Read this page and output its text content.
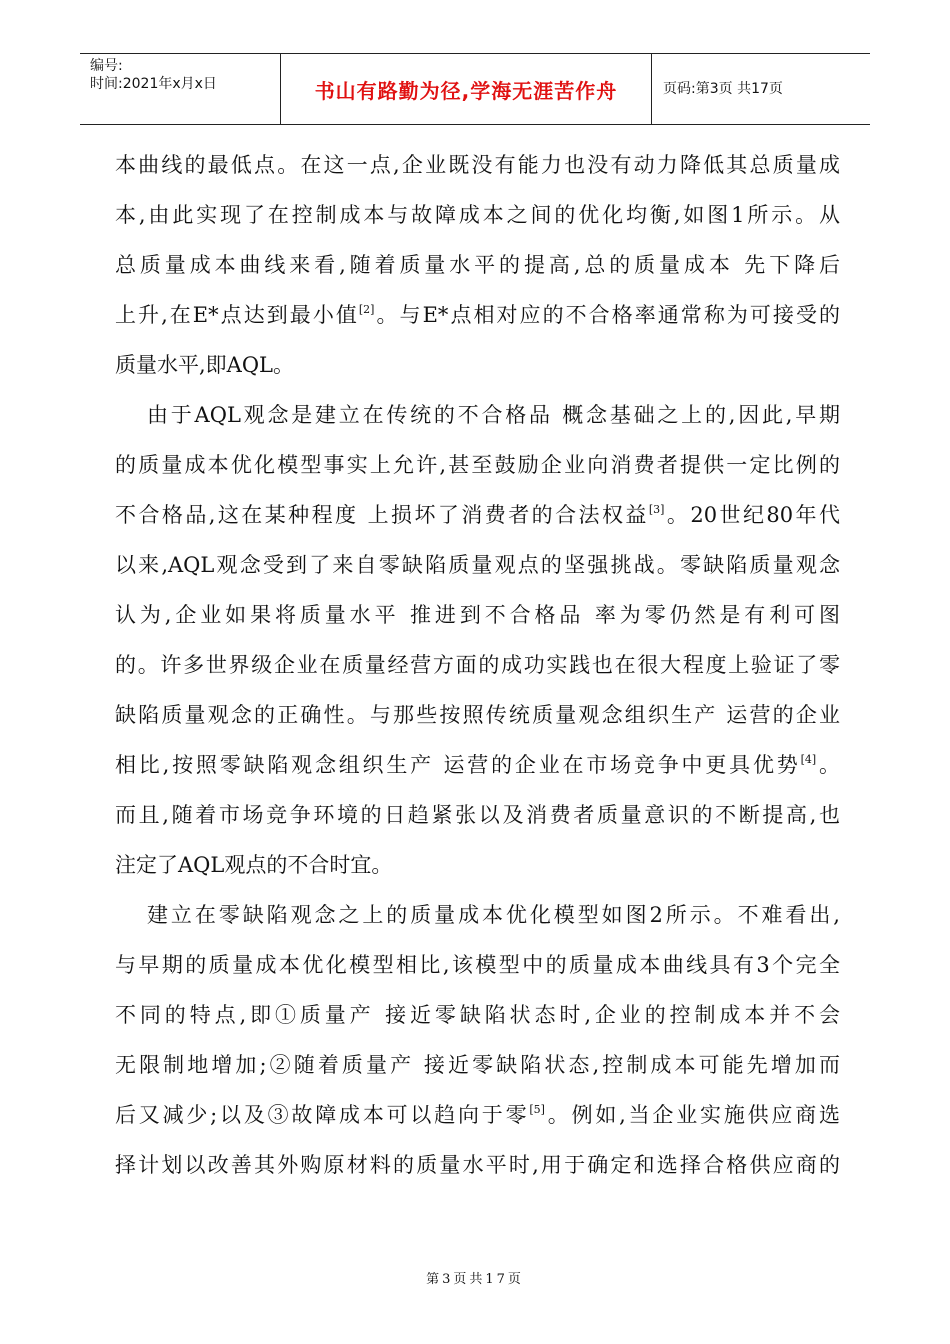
编号:
时间:2021年x月x日	书山有路勤为径,学海无涯苦作舟	页码:第3页 共17页
本曲线的最低点。在这一点,企业既没有能力也没有动力降低其总质量成
本,由此实现了在控制成本与故障成本之间的优化均衡,如图1所示。从
总质量成本曲线来看,随着质量水平的提高,总的质量成本 先下降后
上升,在E*点达到最小值[2]。与E*点相对应的不合格率通常称为可接受的
质量水平,即AQL。
由于AQL观念是建立在传统的不合格品 概念基础之上的,因此,早期
的质量成本优化模型事实上允许,甚至鼓励企业向消费者提供一定比例的
不合格品,这在某种程度 上损坏了消费者的合法权益[3]。20世纪80年代
以来,AQL观念受到了来自零缺陷质量观点的坚强挑战。零缺陷质量观念
认为,企业如果将质量水平 推进到不合格品 率为零仍然是有利可图
的。许多世界级企业在质量经营方面的成功实践也在很大程度上验证了零
缺陷质量观念的正确性。与那些按照传统质量观念组织生产 运营的企业
相比,按照零缺陷观念组织生产 运营的企业在市场竞争中更具优势[4]。
而且,随着市场竞争环境的日趋紧张以及消费者质量意识的不断提高,也
注定了AQL观点的不合时宜。
建立在零缺陷观念之上的质量成本优化模型如图2所示。不难看出,
与早期的质量成本优化模型相比,该模型中的质量成本曲线具有3个完全
不同的特点,即①质量产 接近零缺陷状态时,企业的控制成本并不会
无限制地增加;②随着质量产 接近零缺陷状态,控制成本可能先增加而
后又减少;以及③故障成本可以趋向于零[5]。例如,当企业实施供应商选
择计划以改善其外购原材料的质量水平时,用于确定和选择合格供应商的
第3页共17页
